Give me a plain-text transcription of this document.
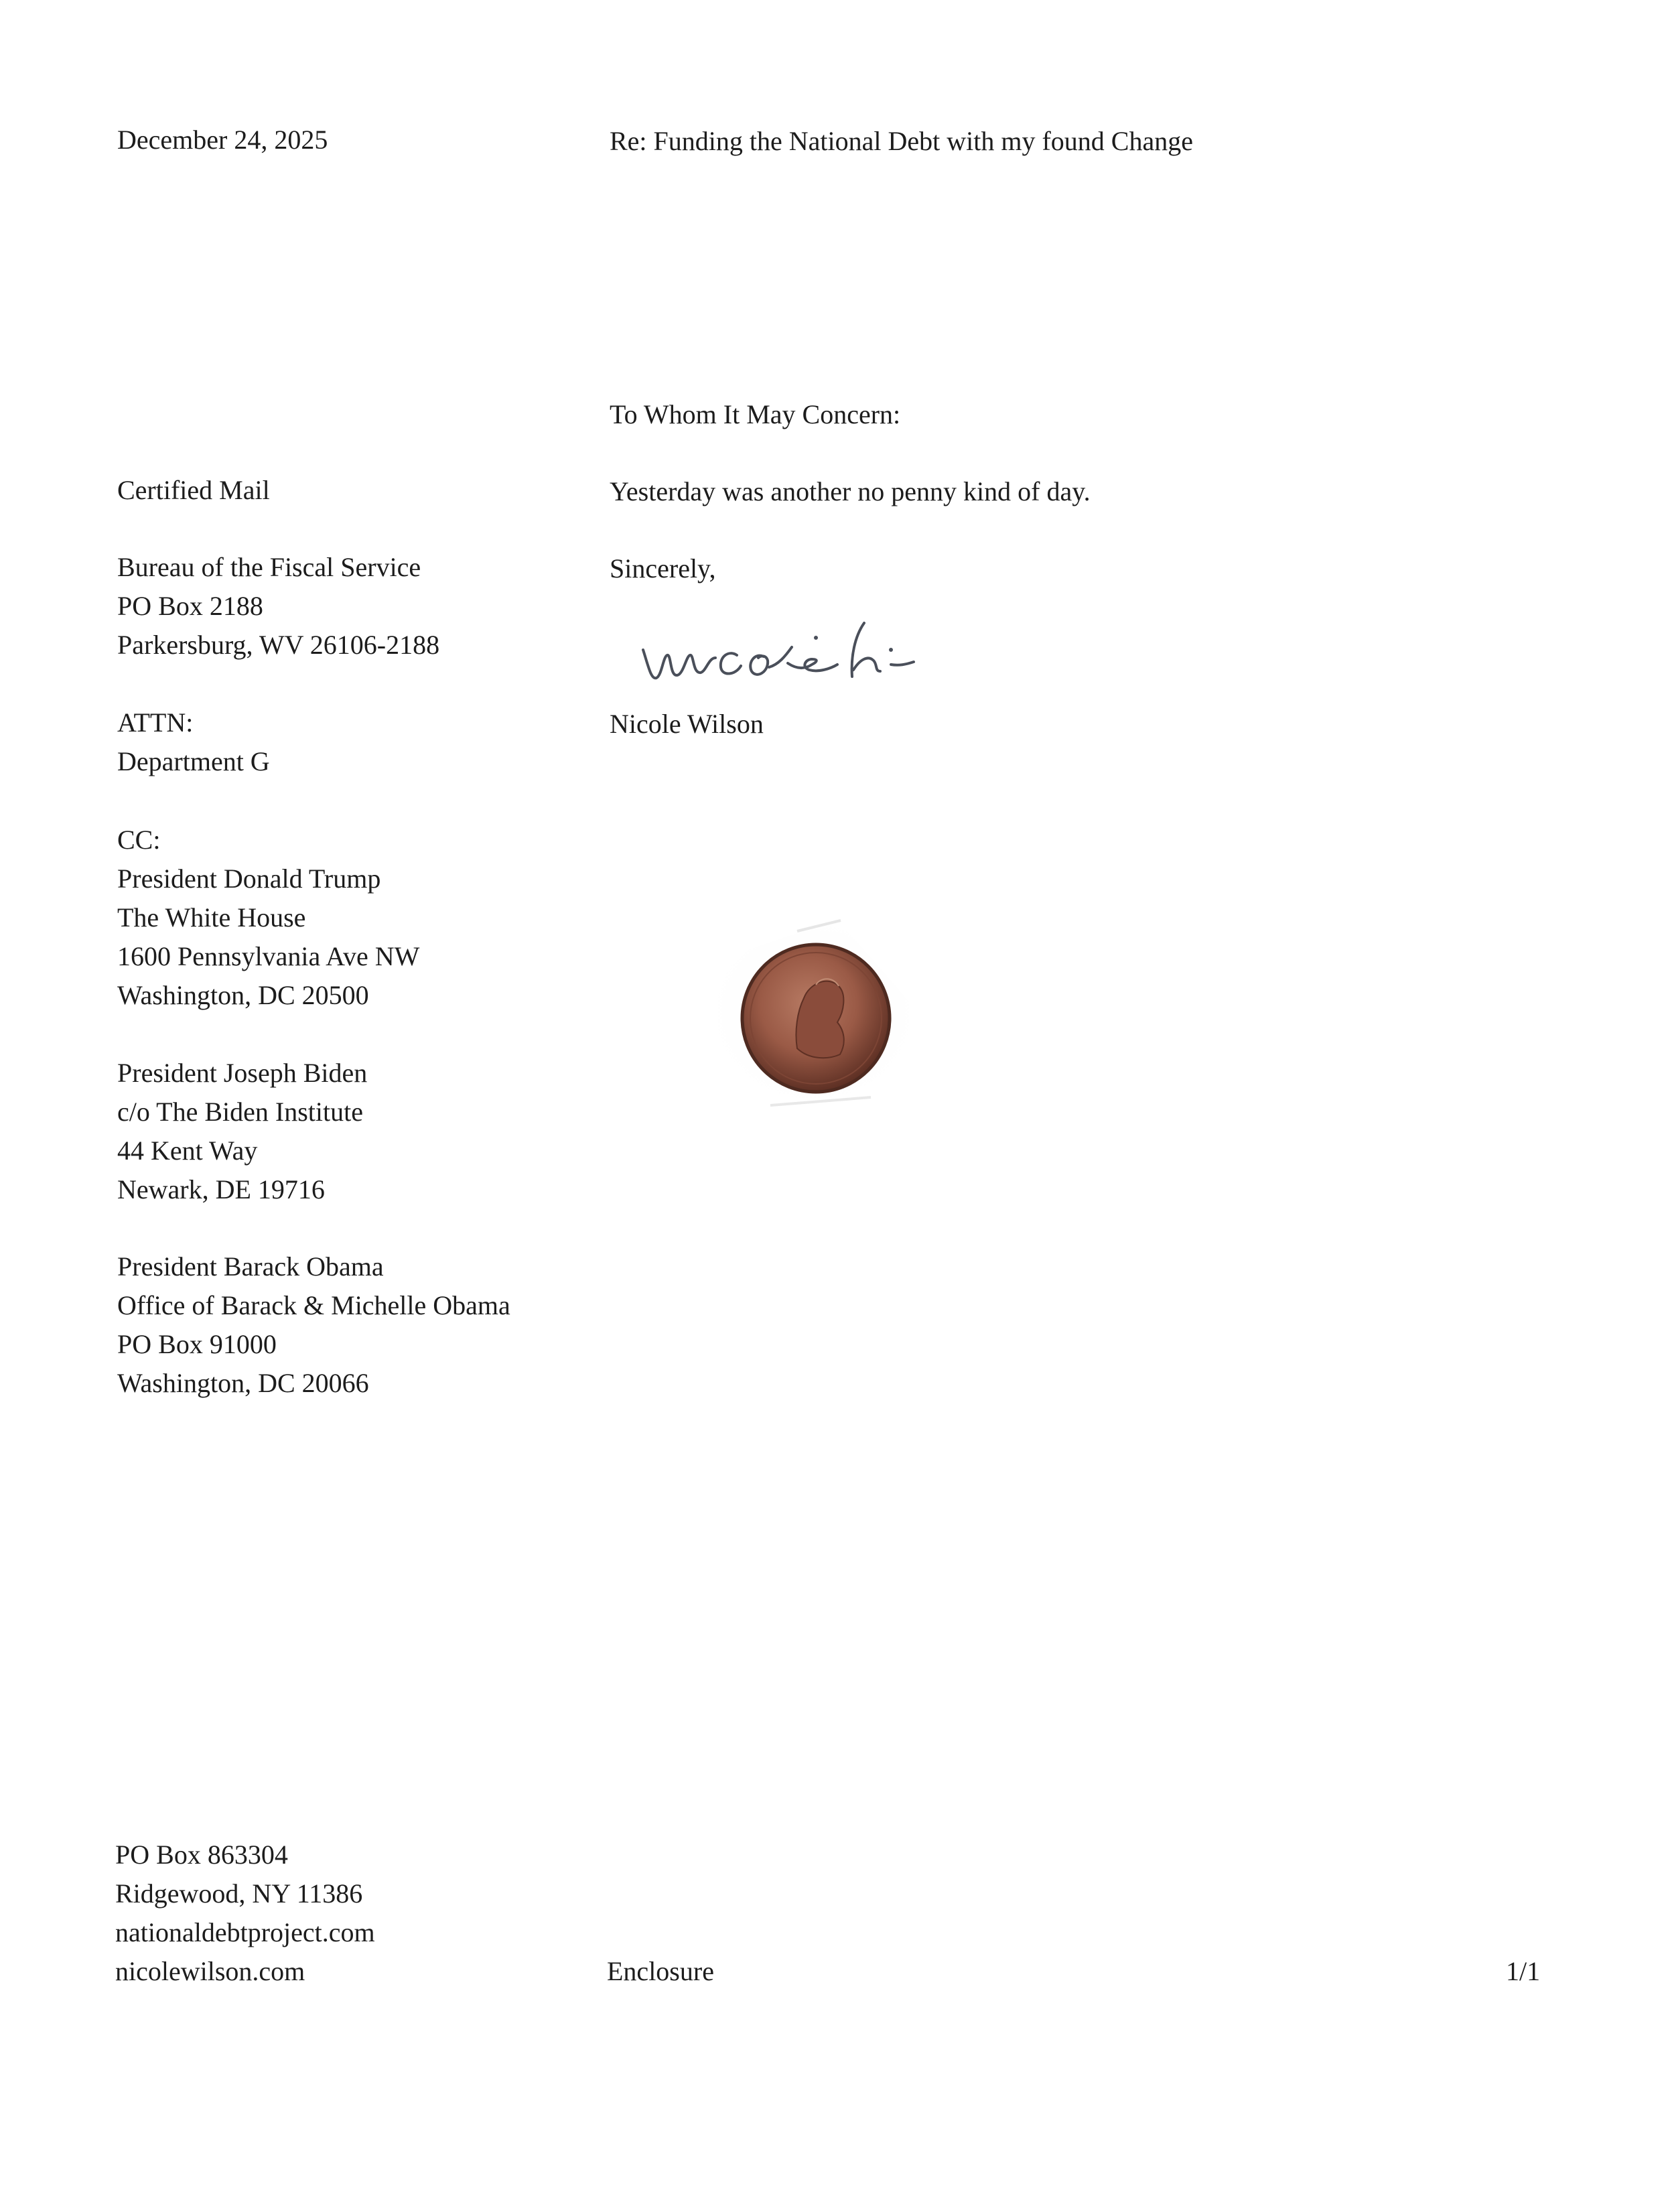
December 24, 2025	Re: Funding the National Debt with my found Change

To Whom It May Concern:

Certified Mail	Yesterday was another no penny kind of day.

Sincerely,

Nicole Wilson

Bureau of the Fiscal Service
PO Box 2188
Parkersburg, WV 26106-2188
ATTN:
Department G
CC:
President Donald Trump
The White House
1600 Pennsylvania Ave NW
Washington, DC 20500
President Joseph Biden
c/o The Biden Institute
44 Kent Way
Newark, DE 19716
President Barack Obama
Office of Barack & Michelle Obama
PO Box 91000
Washington, DC 20066
PO Box 863304
Ridgewood, NY 11386
nationaldebtproject.com
nicolewilson.com	Enclosure	1/1
